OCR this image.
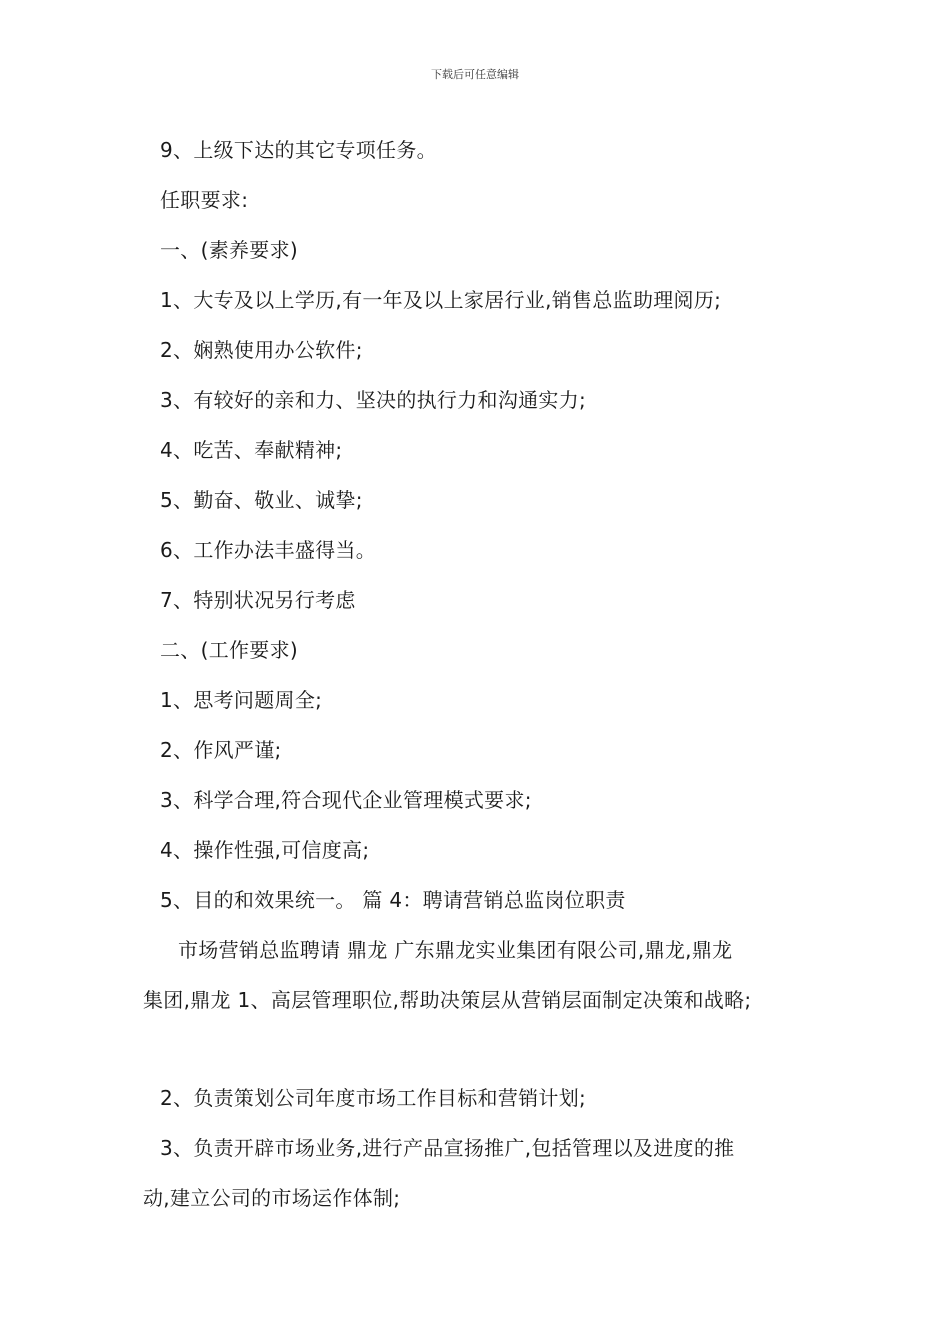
下载后可任意编辑
9、上级下达的其它专项任务。
任职要求:
一、(素养要求)
1、大专及以上学历,有一年及以上家居行业,销售总监助理阅历;
2、娴熟使用办公软件;
3、有较好的亲和力、坚决的执行力和沟通实力;
4、吃苦、奉献精神;
5、勤奋、敬业、诚挚;
6、工作办法丰盛得当。
7、特别状况另行考虑
二、(工作要求)
1、思考问题周全;
2、作风严谨;
3、科学合理,符合现代企业管理模式要求;
4、操作性强,可信度高;
5、目的和效果统一。 篇 4：聘请营销总监岗位职责
市场营销总监聘请 鼎龙 广东鼎龙实业集团有限公司,鼎龙,鼎龙
集团,鼎龙 1、高层管理职位,帮助决策层从营销层面制定决策和战略;
2、负责策划公司年度市场工作目标和营销计划;
3、负责开辟市场业务,进行产品宣扬推广,包括管理以及进度的推
动,建立公司的市场运作体制;
